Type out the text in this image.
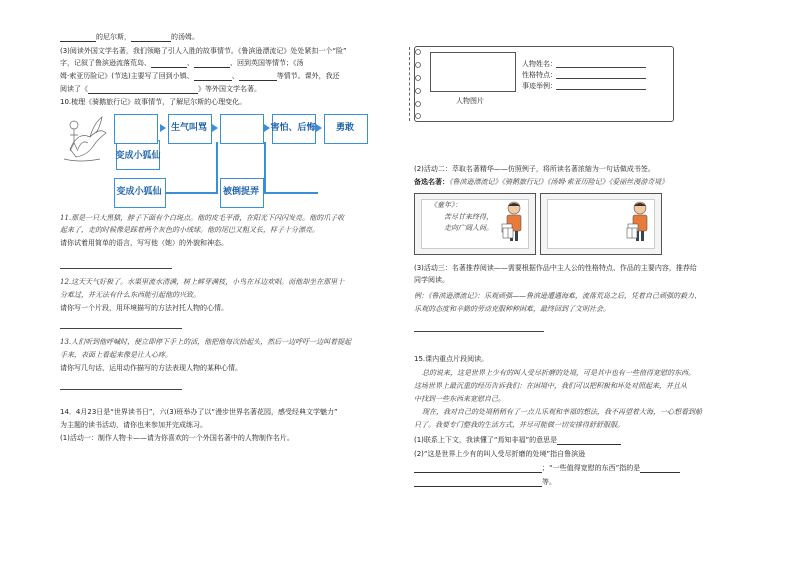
的尼尔斯，	的汤姆。
(3)阅读外国文学名著，我们领略了引人入胜的故事情节。《鲁滨逊漂流记》处处紧扣一个“险”
字，记叙了鲁滨逊流落荒岛、	、	、回到英国等情节；《汤
姆·索亚历险记》(节选)主要写了回到小镇、	、	等情节。课外，我还
阅读了《	》等外国文学名著。
10.梳理《骑鹅旅行记》故事情节，了解尼尔斯的心理变化。
变成小狐仙
生气叫骂	害怕、后悔	勇敢
变成小狐仙	被倒捉弄
11.那是一只大黑猫，脖子下面有个白斑点。他的皮毛平滑，在阳光下闪闪发亮。他的爪子收
起来了，走的时候像是踩着两个灰色的小绒球。他的尾巴又粗又长，样子十分漂亮。
请你试着用简单的语言，写写他（她）的外貌和神态。
12.这天天气好极了。水渠里流水清满，树上鲜芽满枝，小鸟在耳边欢唱。而他却坐在那里十
分难过，并无法有什么东西能引起他的兴致。
请你写一个片段，用环境描写的方法衬托人物的心情。
13.人们听到他呼喊时，便立即停下手上的活，他把他每次抬起头，然后一边呼吁一边叫着提起
手来，表面上看起来像是让人心疼。
请你写几句话，运用动作描写的方法表现人物的某种心情。
14．4月23日是“世界读书日”，六(3)班举办了以“漫步世界名著花园，感受经典文学魅力”
为主题的读书活动，请你也来参加并完成练习。
(1)活动一：制作人物卡——请为你喜欢的一个外国名著中的人物制作名片。
人物图片
人物姓名：
性格特点：
事迹举例：
(2)活动二：萃取名著精华——仿照例子，将所读名著浓缩为一句话做成书签。
备选名著：《鲁滨逊漂流记》《骑鹅旅行记》《汤姆·索亚历险记》《爱丽丝漫游奇境》
《童年》：
苦尽甘来终得，
走向广阔人间。
(3)活动三：名著推荐阅读——需要根据作品中主人公的性格特点、作品的主要内容，推荐给
同学阅读。
例：《鲁滨逊漂流记》：乐观顽强——鲁滨逊遭遇海难，流落荒岛之后，凭着自己顽强的毅力、
乐观的态度和辛勤的劳动克服种种困难，最终回到了文明社会。
15.课内重点片段阅读。
总的说来，这是世界上少有的叫人受尽折磨的处境，可是其中也有一些值得宽慰的东西。
这场世界上最沉重的经历告诉我们：在困境中，我们可以把积极和坏处对照起来，并且从
中找到一些东西来宽慰自己。
现在，我对自己的处境稍稍有了一点儿乐观和幸福的想法，我不再望着大海，一心想看到船
只了。我要专门整我的生活方式，并尽可能做一切安排得舒舒服服。
(1)联系上下文，我读懂了“焉知非福”的意思是
(2)“这是世界上少有的叫人受尽折磨的处境”指自鲁滨逊
；“一些值得宽慰的东西”指的是
等。
